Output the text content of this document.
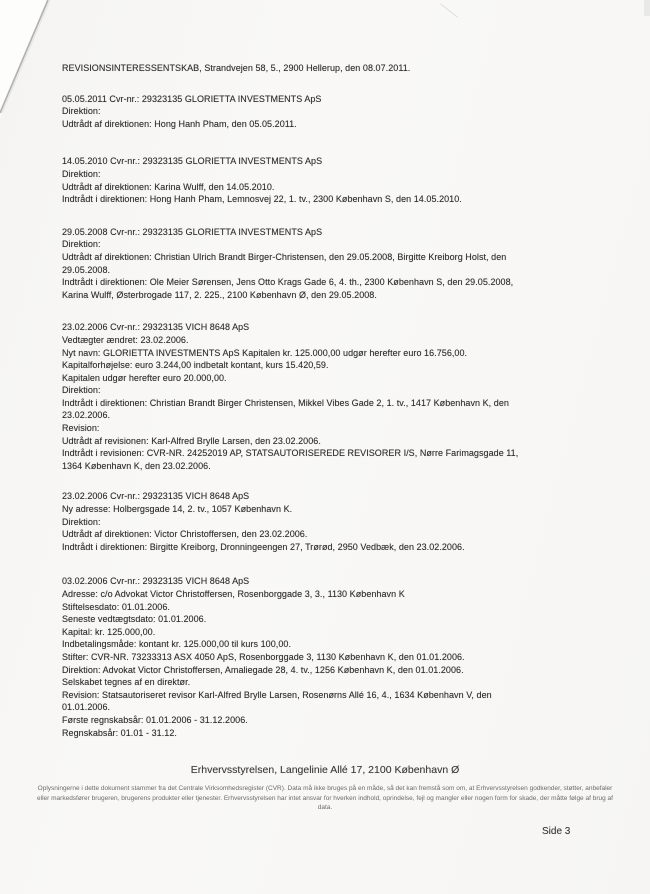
REVISIONSINTERESSENTSKAB, Strandvejen 58, 5., 2900 Hellerup, den 08.07.2011.
05.05.2011 Cvr-nr.: 29323135 GLORIETTA INVESTMENTS ApS
Direktion:
Udtrådt af direktionen: Hong Hanh Pham, den 05.05.2011.
14.05.2010 Cvr-nr.: 29323135 GLORIETTA INVESTMENTS ApS
Direktion:
Udtrådt af direktionen: Karina Wulff, den 14.05.2010.
Indtrådt i direktionen: Hong Hanh Pham, Lemnosvej 22, 1. tv., 2300 København S, den 14.05.2010.
29.05.2008 Cvr-nr.: 29323135 GLORIETTA INVESTMENTS ApS
Direktion:
Udtrådt af direktionen: Christian Ulrich Brandt Birger-Christensen, den 29.05.2008, Birgitte Kreiborg Holst, den
29.05.2008.
Indtrådt i direktionen: Ole Meier Sørensen, Jens Otto Krags Gade 6, 4. th., 2300 København S, den 29.05.2008,
Karina Wulff, Østerbrogade 117, 2. 225., 2100 København Ø, den 29.05.2008.
23.02.2006 Cvr-nr.: 29323135 VICH 8648 ApS
Vedtægter ændret: 23.02.2006.
Nyt navn: GLORIETTA INVESTMENTS ApS Kapitalen kr. 125.000,00 udgør herefter euro 16.756,00.
Kapitalforhøjelse: euro 3.244,00 indbetalt kontant, kurs 15.420,59.
Kapitalen udgør herefter euro 20.000,00.
Direktion:
Indtrådt i direktionen: Christian Brandt Birger Christensen, Mikkel Vibes Gade 2, 1. tv., 1417 København K, den
23.02.2006.
Revision:
Udtrådt af revisionen: Karl-Alfred Brylle Larsen, den 23.02.2006.
Indtrådt i revisionen: CVR-NR. 24252019 AP, STATSAUTORISEREDE REVISORER I/S, Nørre Farimagsgade 11,
1364 København K, den 23.02.2006.
23.02.2006 Cvr-nr.: 29323135 VICH 8648 ApS
Ny adresse: Holbergsgade 14, 2. tv., 1057 København K.
Direktion:
Udtrådt af direktionen: Victor Christoffersen, den 23.02.2006.
Indtrådt i direktionen: Birgitte Kreiborg, Dronningeengen 27, Trørød, 2950 Vedbæk, den 23.02.2006.
03.02.2006 Cvr-nr.: 29323135 VICH 8648 ApS
Adresse: c/o Advokat Victor Christoffersen, Rosenborggade 3, 3., 1130 København K
Stiftelsesdato: 01.01.2006.
Seneste vedtægtsdato: 01.01.2006.
Kapital: kr. 125.000,00.
Indbetalingsmåde: kontant kr. 125.000,00 til kurs 100,00.
Stifter: CVR-NR. 73233313 ASX 4050 ApS, Rosenborggade 3, 1130 København K, den 01.01.2006.
Direktion: Advokat Victor Christoffersen, Amaliegade 28, 4. tv., 1256 København K, den 01.01.2006.
Selskabet tegnes af en direktør.
Revision: Statsautoriseret revisor Karl-Alfred Brylle Larsen, Rosenørns Allé 16, 4., 1634 København V, den
01.01.2006.
Første regnskabsår: 01.01.2006 - 31.12.2006.
Regnskabsår: 01.01 - 31.12.
Erhvervsstyrelsen, Langelinie Allé 17, 2100 København Ø
Oplysningerne i dette dokument stammer fra det Centrale Virksomhedsregister (CVR). Data må ikke bruges på en måde, så det kan fremstå som om, at Erhvervsstyrelsen godkender, støtter, anbefaler
eller markedsfører brugeren, brugerens produkter eller tjenester. Erhvervsstyrelsen har intet ansvar for hverken indhold, oprindelse, fejl og mangler eller nogen form for skade, der måtte følge af brug af
data.
Side 3
